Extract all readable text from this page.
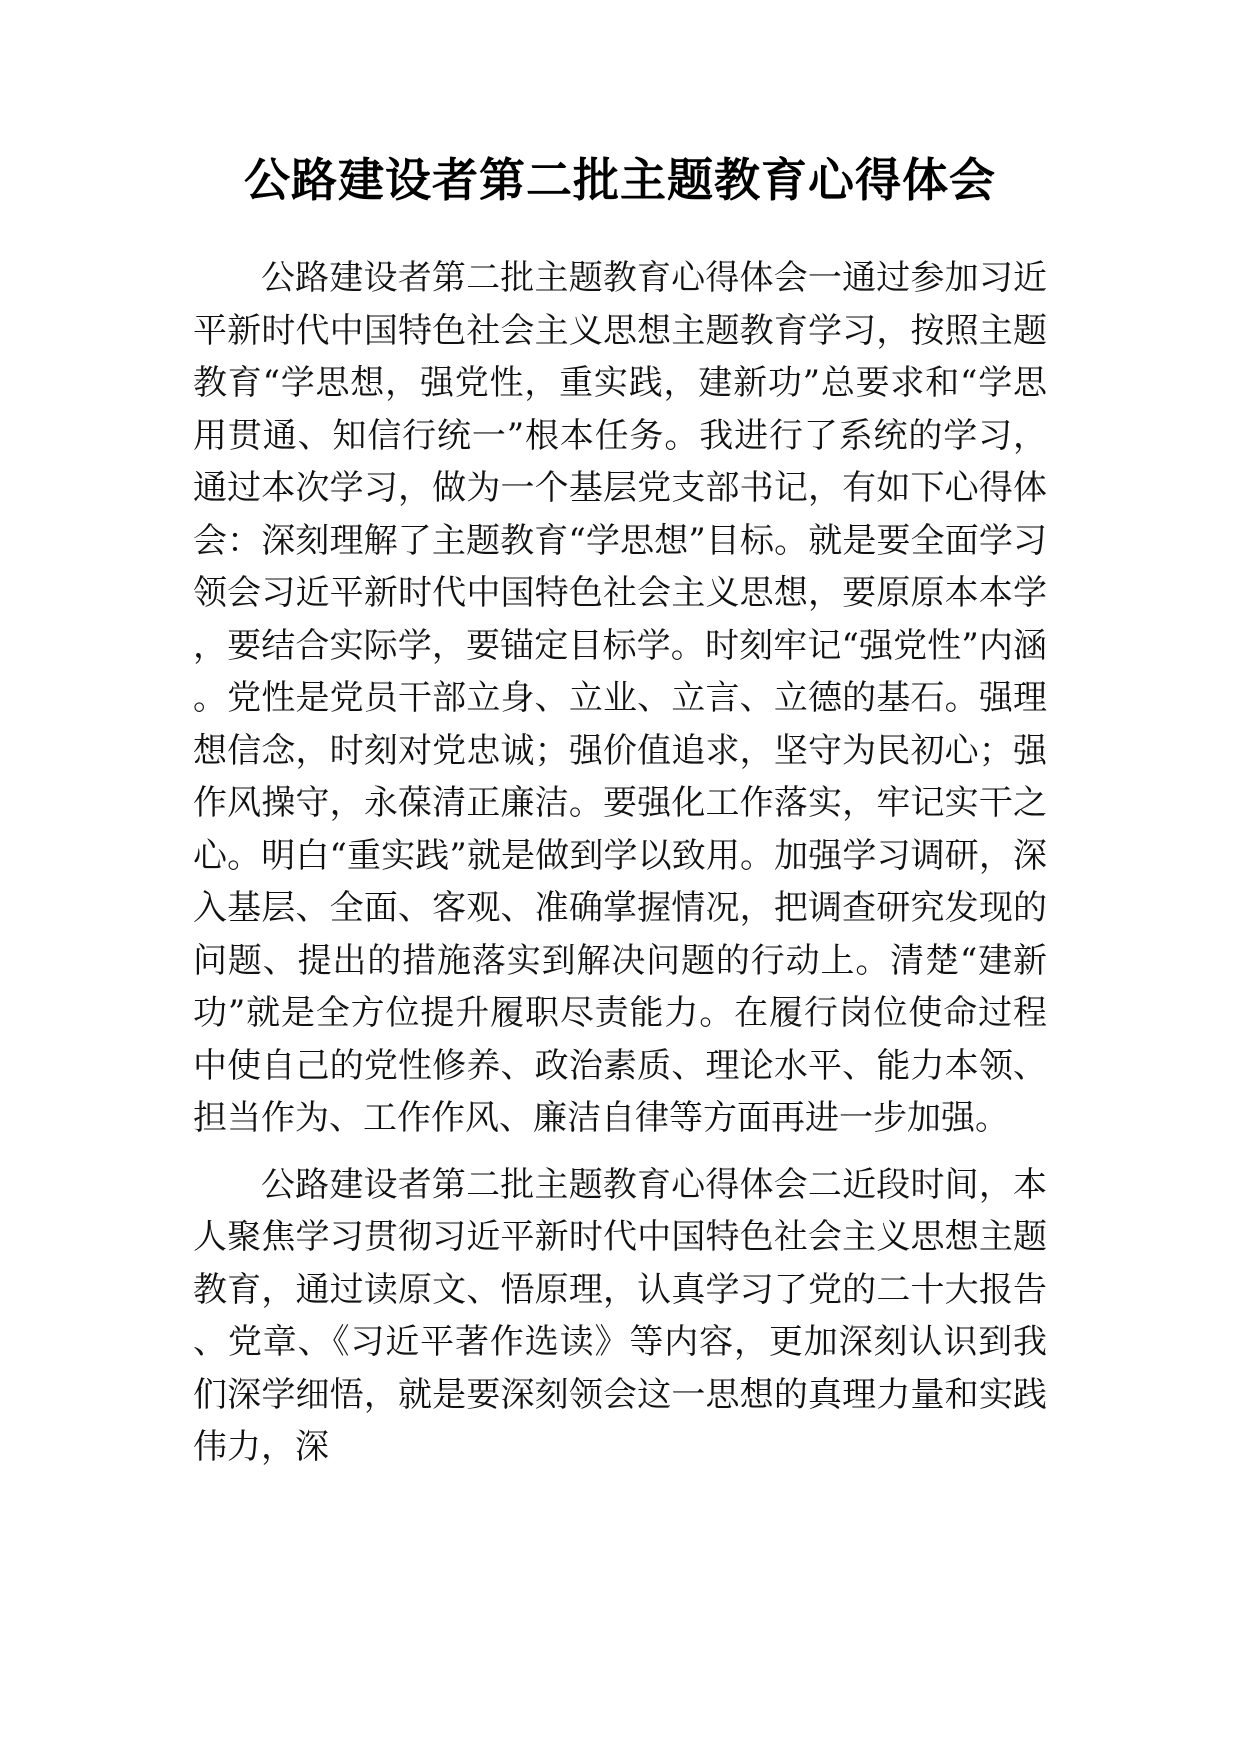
公路建设者第二批主题教育心得体会

公路建设者第二批主题教育心得体会一通过参加习近平新时代中国特色社会主义思想主题教育学习，按照主题教育“学思想，强党性，重实践，建新功”总要求和“学思用贯通、知信行统一”根本任务。我进行了系统的学习，通过本次学习，做为一个基层党支部书记，有如下心得体会：深刻理解了主题教育“学思想”目标。就是要全面学习领会习近平新时代中国特色社会主义思想，要原原本本学，要结合实际学，要锚定目标学。时刻牢记“强党性”内涵。党性是党员干部立身、立业、立言、立德的基石。强理想信念，时刻对党忠诚；强价值追求，坚守为民初心；强作风操守，永葆清正廉洁。要强化工作落实，牢记实干之心。明白“重实践”就是做到学以致用。加强学习调研，深入基层、全面、客观、准确掌握情况，把调查研究发现的问题、提出的措施落实到解决问题的行动上。清楚“建新功”就是全方位提升履职尽责能力。在履行岗位使命过程中使自己的党性修养、政治素质、理论水平、能力本领、担当作为、工作作风、廉洁自律等方面再进一步加强。

公路建设者第二批主题教育心得体会二近段时间，本人聚焦学习贯彻习近平新时代中国特色社会主义思想主题教育，通过读原文、悟原理，认真学习了党的二十大报告、党章、《习近平著作选读》等内容，更加深刻认识到我们深学细悟，就是要深刻领会这一思想的真理力量和实践伟力，深
